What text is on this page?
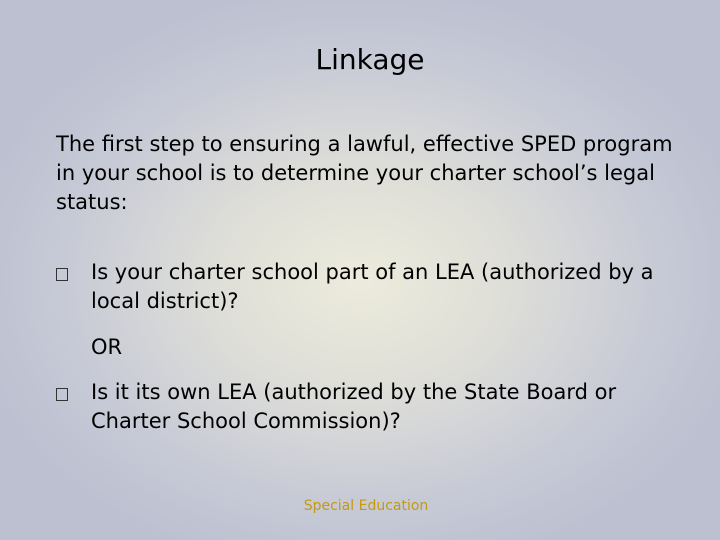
Linkage
The first step to ensuring a lawful, effective SPED program in your school is to determine your charter school’s legal status:
Is your charter school part of an LEA (authorized by a local district)?
OR
Is it its own LEA (authorized by the State Board or Charter School Commission)?
Special Education
